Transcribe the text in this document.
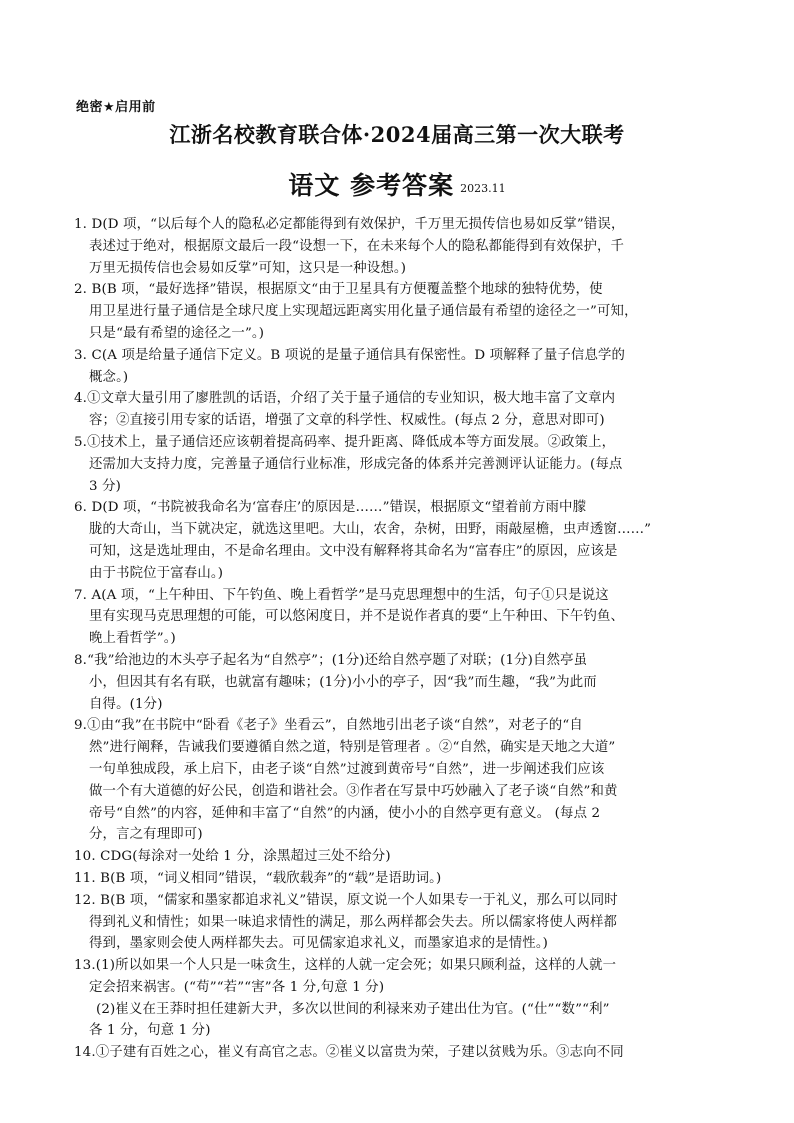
绝密★启用前
江浙名校教育联合体·2024届高三第一次大联考
语文 参考答案 2023.11
1. D(D 项，“以后每个人的隐私必定都能得到有效保护，千万里无损传信也易如反掌”错误，
表述过于绝对，根据原文最后一段“设想一下，在未来每个人的隐私都能得到有效保护，千
万里无损传信也会易如反掌”可知，这只是一种设想。)
2. B(B 项，“最好选择”错误，根据原文“由于卫星具有方便覆盖整个地球的独特优势，使
用卫星进行量子通信是全球尺度上实现超远距离实用化量子通信最有希望的途径之一”可知，
只是“最有希望的途径之一”。)
3. C(A 项是给量子通信下定义。B 项说的是量子通信具有保密性。D 项解释了量子信息学的
概念。)
4.①文章大量引用了廖胜凯的话语，介绍了关于量子通信的专业知识，极大地丰富了文章内
容；②直接引用专家的话语，增强了文章的科学性、权威性。(每点 2 分，意思对即可)
5.①技术上，量子通信还应该朝着提高码率、提升距离、降低成本等方面发展。②政策上，
还需加大支持力度，完善量子通信行业标准，形成完备的体系并完善测评认证能力。(每点
3 分)
6. D(D 项，“书院被我命名为‘富春庄’的原因是……”错误，根据原文“望着前方雨中朦
胧的大奇山，当下就决定，就选这里吧。大山，农舍，杂树，田野，雨敲屋檐，虫声透窗……”
可知，这是选址理由，不是命名理由。文中没有解释将其命名为“富春庄”的原因，应该是
由于书院位于富春山。)
7. A(A 项，“上午种田、下午钓鱼、晚上看哲学”是马克思理想中的生活，句子①只是说这
里有实现马克思理想的可能，可以悠闲度日，并不是说作者真的要“上午种田、下午钓鱼、
晚上看哲学”。)
8.“我”给池边的木头亭子起名为“自然亭”；(1分)还给自然亭题了对联；(1分)自然亭虽
小，但因其有名有联，也就富有趣味；(1分)小小的亭子，因“我”而生趣，“我”为此而
自得。(1分)
9.①由“我”在书院中“卧看《老子》坐看云”，自然地引出老子谈“自然”，对老子的“自
然”进行阐释，告诫我们要遵循自然之道，特别是管理者 。②“自然，确实是天地之大道”
一句单独成段，承上启下，由老子谈“自然”过渡到黄帝号“自然”，进一步阐述我们应该
做一个有大道德的好公民，创造和谐社会。③作者在写景中巧妙融入了老子谈“自然”和黄
帝号“自然”的内容，延伸和丰富了“自然”的内涵，使小小的自然亭更有意义。 (每点 2
分，言之有理即可)
10. CDG(每涂对一处给 1 分，涂黑超过三处不给分)
11. B(B 项，“词义相同”错误，“载欣载奔”的“载”是语助词。)
12. B(B 项，“儒家和墨家都追求礼义”错误，原文说一个人如果专一于礼义，那么可以同时
得到礼义和情性；如果一味追求情性的满足，那么两样都会失去。所以儒家将使人两样都
得到，墨家则会使人两样都失去。可见儒家追求礼义，而墨家追求的是情性。)
13.(1)所以如果一个人只是一味贪生，这样的人就一定会死；如果只顾利益，这样的人就一
定会招来祸害。(“苟”“若”“害”各 1 分,句意 1 分)
(2)崔义在王莽时担任建新大尹，多次以世间的利禄来劝子建出仕为官。(“仕”“数”“利”
各 1 分，句意 1 分)
14.①子建有百姓之心，崔义有高官之志。②崔义以富贵为荣，子建以贫贱为乐。③志向不同
